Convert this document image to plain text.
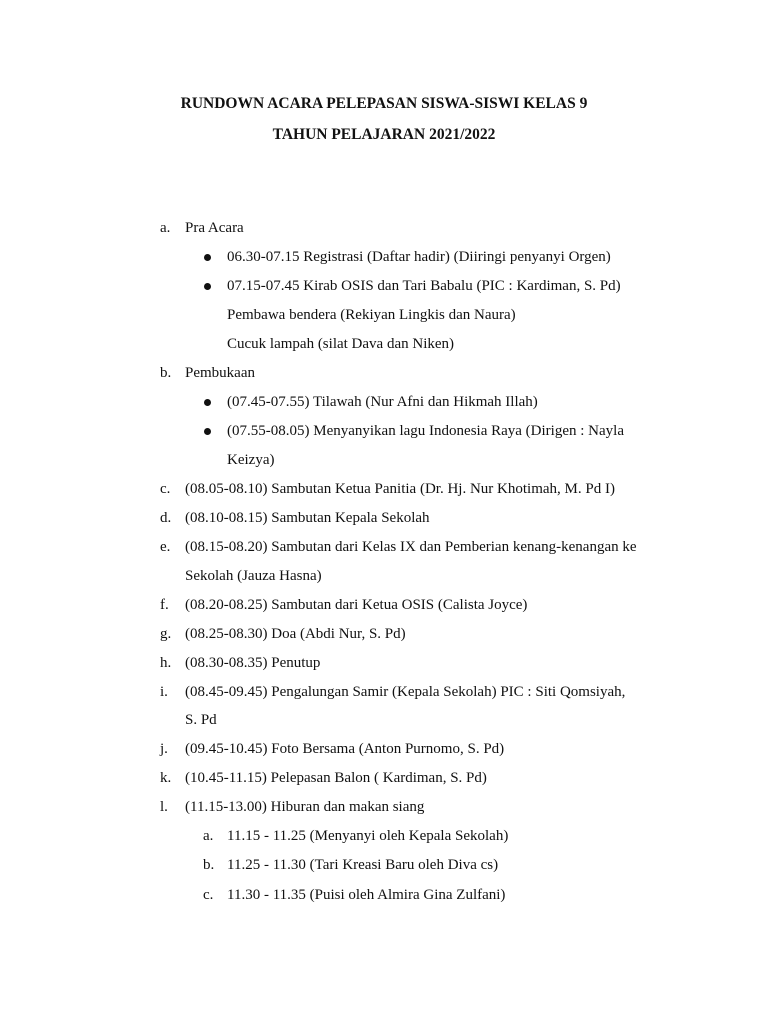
RUNDOWN ACARA PELEPASAN SISWA-SISWI KELAS 9
TAHUN PELAJARAN 2021/2022
a. Pra Acara
06.30-07.15 Registrasi (Daftar hadir) (Diiringi penyanyi Orgen)
07.15-07.45 Kirab OSIS dan Tari Babalu (PIC : Kardiman, S. Pd)
Pembawa bendera (Rekiyan Lingkis dan Naura)
Cucuk lampah (silat Dava dan Niken)
b. Pembukaan
(07.45-07.55) Tilawah (Nur Afni dan Hikmah Illah)
(07.55-08.05) Menyanyikan lagu Indonesia Raya (Dirigen : Nayla
Keizya)
c. (08.05-08.10) Sambutan Ketua Panitia (Dr. Hj. Nur Khotimah, M. Pd I)
d. (08.10-08.15) Sambutan Kepala Sekolah
e. (08.15-08.20) Sambutan dari Kelas IX dan Pemberian kenang-kenangan ke
Sekolah (Jauza Hasna)
f. (08.20-08.25) Sambutan dari Ketua OSIS (Calista Joyce)
g. (08.25-08.30) Doa (Abdi Nur, S. Pd)
h. (08.30-08.35) Penutup
i. (08.45-09.45) Pengalungan Samir (Kepala Sekolah) PIC : Siti Qomsiyah,
S. Pd
j. (09.45-10.45) Foto Bersama (Anton Purnomo, S. Pd)
k. (10.45-11.15) Pelepasan Balon ( Kardiman, S. Pd)
l. (11.15-13.00) Hiburan dan makan siang
a. 11.15 - 11.25 (Menyanyi oleh Kepala Sekolah)
b. 11.25 - 11.30 (Tari Kreasi Baru oleh Diva cs)
c. 11.30 - 11.35 (Puisi oleh Almira Gina Zulfani)
